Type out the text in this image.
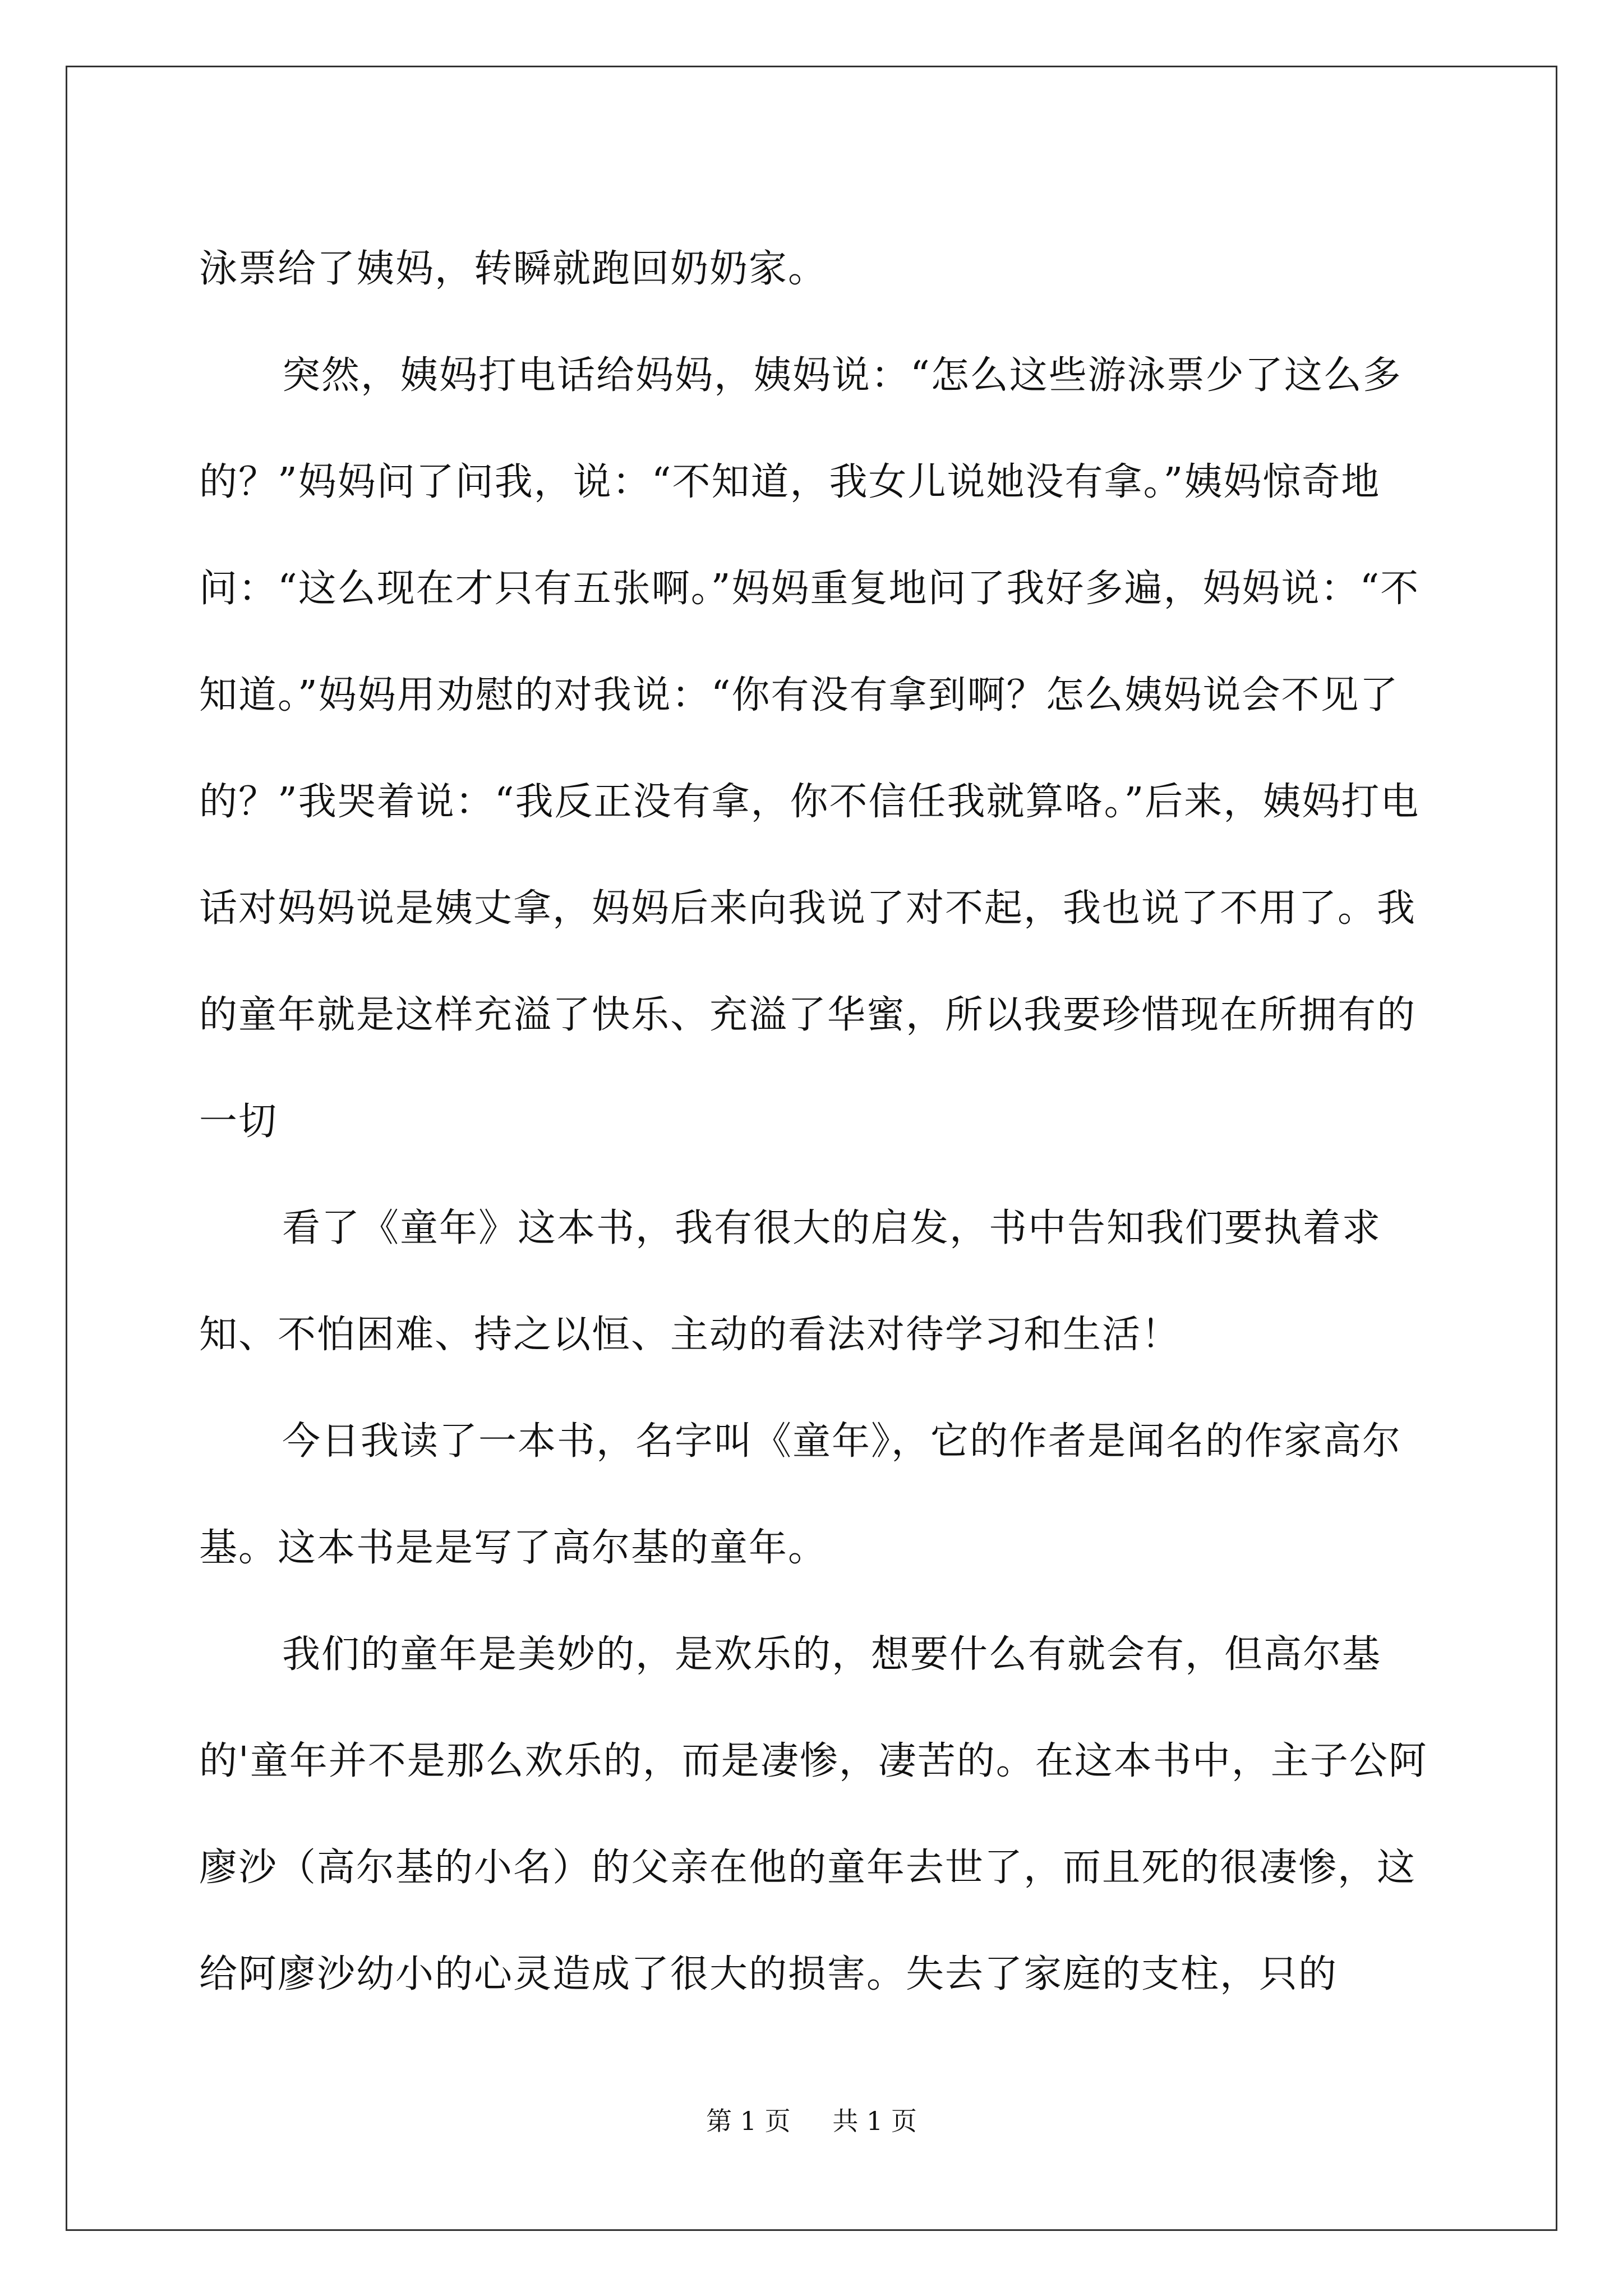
泳票给了姨妈，转瞬就跑回奶奶家。

突然，姨妈打电话给妈妈，姨妈说：“怎么这些游泳票少了这么多的？”妈妈问了问我，说：“不知道，我女儿说她没有拿。”姨妈惊奇地问：“这么现在才只有五张啊。”妈妈重复地问了我好多遍，妈妈说：“不知道。”妈妈用劝慰的对我说：“你有没有拿到啊？怎么姨妈说会不见了的？”我哭着说：“我反正没有拿，你不信任我就算咯。”后来，姨妈打电话对妈妈说是姨丈拿，妈妈后来向我说了对不起，我也说了不用了。我的童年就是这样充溢了快乐、充溢了华蜜，所以我要珍惜现在所拥有的一切

看了《童年》这本书，我有很大的启发，书中告知我们要执着求知、不怕困难、持之以恒、主动的看法对待学习和生活！

今日我读了一本书，名字叫《童年》，它的作者是闻名的作家高尔基。这本书是是写了高尔基的童年。

我们的童年是美妙的，是欢乐的，想要什么有就会有，但高尔基的'童年并不是那么欢乐的，而是凄惨，凄苦的。在这本书中，主子公阿廖沙（高尔基的小名）的父亲在他的童年去世了，而且死的很凄惨，这给阿廖沙幼小的心灵造成了很大的损害。失去了家庭的支柱，只的

第 1 页 共 1 页
